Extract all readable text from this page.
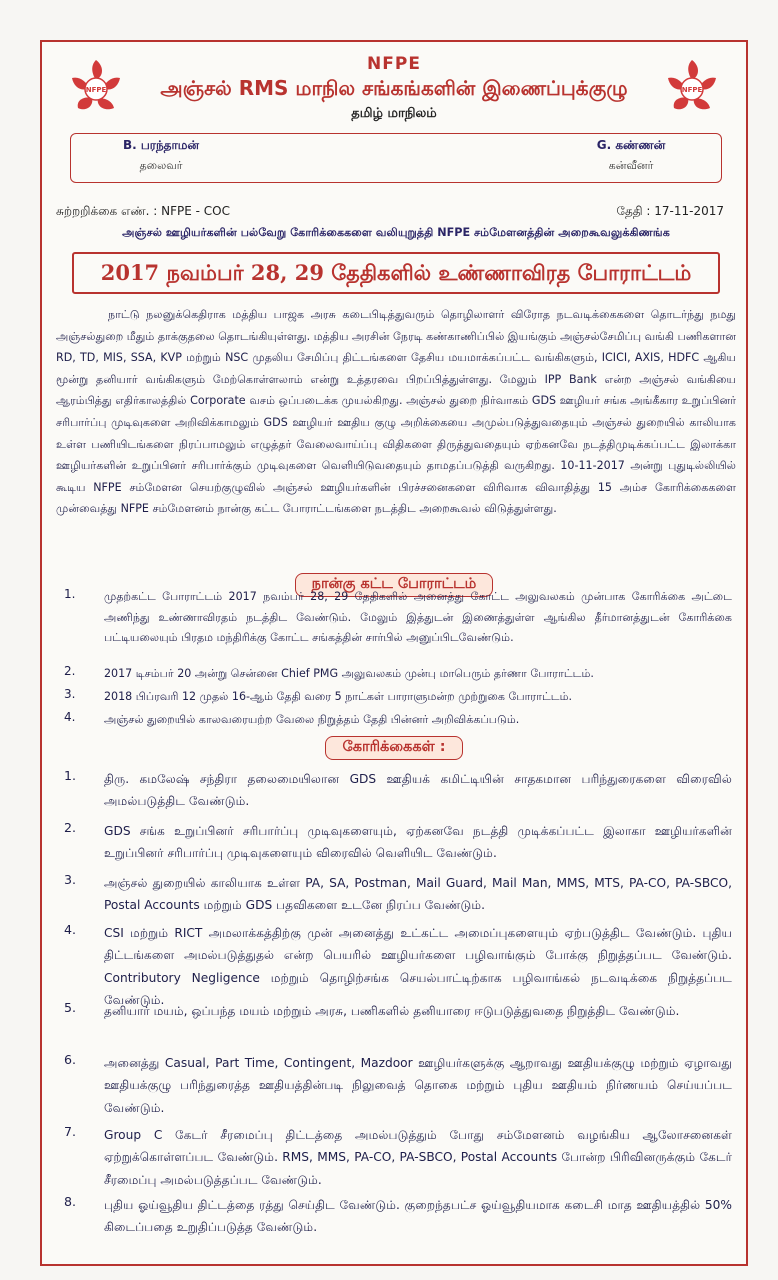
NFPE	NFPE
NFPE
அஞ்சல் RMS மாநில சங்கங்களின் இணைப்புக்குழு
தமிழ் மாநிலம்
B. பரந்தாமன்
தலைவர்
G. கண்ணன்
கன்வீனர்
சுற்றறிக்கை எண். : NFPE - COC	தேதி : 17-11-2017
அஞ்சல் ஊழியர்களின் பல்வேறு கோரிக்கைகளை வலியுறுத்தி NFPE சம்மேளனத்தின் அறைகூவலுக்கிணங்க
2017 நவம்பர் 28, 29 தேதிகளில் உண்ணாவிரத போராட்டம்

நாட்டு நலனுக்கெதிராக மத்திய பாஜக அரசு கடைபிடித்துவரும் தொழிலாளர் விரோத நடவடிக்கைகளை தொடர்ந்து நமது அஞ்சல்துறை மீதும் தாக்குதலை தொடங்கியுள்ளது. மத்திய அரசின் நேரடி கண்காணிப்பில் இயங்கும் அஞ்சல்சேமிப்பு வங்கி பணிகளான RD, TD, MIS, SSA, KVP மற்றும் NSC முதலிய சேமிப்பு திட்டங்களை தேசிய மயமாக்கப்பட்ட வங்கிகளும், ICICI, AXIS, HDFC ஆகிய மூன்று தனியார் வங்கிகளும் மேற்கொள்ளலாம் என்று உத்தரவை பிறப்பித்துள்ளது. மேலும் IPP Bank என்ற அஞ்சல் வங்கியை ஆரம்பித்து எதிர்காலத்தில் Corporate வசம் ஒப்படைக்க முயல்கிறது. அஞ்சல் துறை நிர்வாகம் GDS ஊழியர் சங்க அங்கீகார உறுப்பினர் சரிபார்ப்பு முடிவுகளை அறிவிக்காமலும் GDS ஊழியர் ஊதிய குழு அறிக்கையை அமுல்படுத்துவதையும் அஞ்சல் துறையில் காலியாக உள்ள பணியிடங்களை நிரப்பாமலும் எழுத்தர் வேலைவாய்ப்பு விதிகளை திருத்துவதையும் ஏற்கனவே நடத்திமுடிக்கப்பட்ட இலாக்கா ஊழியர்களின் உறுப்பினர் சரிபார்க்கும் முடிவுகளை வெளியிடுவதையும் தாமதப்படுத்தி வருகிறது. 10-11-2017 அன்று புதுடில்லியில் கூடிய NFPE சம்மேளன செயற்குழுவில் அஞ்சல் ஊழியர்களின் பிரச்சனைகளை விரிவாக விவாதித்து 15 அம்ச கோரிக்கைகளை முன்வைத்து NFPE சம்மேளனம் நான்கு கட்ட போராட்டங்களை நடத்திட அறைகூவல் விடுத்துள்ளது.

நான்கு கட்ட போராட்டம்
1.	முதற்கட்ட போராட்டம் 2017 நவம்பர் 28, 29 தேதிகளில் அனைத்து கோட்ட அலுவலகம் முன்பாக கோரிக்கை அட்டை அணிந்து உண்ணாவிரதம் நடத்திட வேண்டும். மேலும் இத்துடன் இணைத்துள்ள ஆங்கில தீர்மானத்துடன் கோரிக்கை பட்டியலையும் பிரதம மந்திரிக்கு கோட்ட சங்கத்தின் சார்பில் அனுப்பிடவேண்டும்.

2.	2017 டிசம்பர் 20 அன்று சென்னை Chief PMG அலுவலகம் முன்பு மாபெரும் தர்ணா போராட்டம்.

3.	2018 பிப்ரவரி 12 முதல் 16-ஆம் தேதி வரை 5 நாட்கள் பாராளுமன்ற முற்றுகை போராட்டம்.

4.	அஞ்சல் துறையில் காலவரையற்ற வேலை நிறுத்தம் தேதி பின்னர் அறிவிக்கப்படும்.

கோரிக்கைகள் :
1. திரு. கமலேஷ் சந்திரா தலைமையிலான GDS ஊதியக் கமிட்டியின் சாதகமான பரிந்துரைகளை விரைவில் அமல்படுத்திட வேண்டும்.

2. GDS சங்க உறுப்பினர் சரிபார்ப்பு முடிவுகளையும், ஏற்கனவே நடத்தி முடிக்கப்பட்ட இலாகா ஊழியர்களின் உறுப்பினர் சரிபார்ப்பு முடிவுகளையும் விரைவில் வெளியிட வேண்டும்.

3. அஞ்சல் துறையில் காலியாக உள்ள PA, SA, Postman, Mail Guard, Mail Man, MMS, MTS, PA-CO, PA-SBCO, Postal Accounts மற்றும் GDS பதவிகளை உடனே நிரப்ப வேண்டும்.

4. CSI மற்றும் RICT அமலாக்கத்திற்கு முன் அனைத்து உட்கட்ட அமைப்புகளையும் ஏற்படுத்திட வேண்டும். புதிய திட்டங்களை அமல்படுத்துதல் என்ற பெயரில் ஊழியர்களை பழிவாங்கும் போக்கு நிறுத்தப்பட வேண்டும். Contributory Negligence மற்றும் தொழிற்சங்க செயல்பாட்டிற்காக பழிவாங்கல் நடவடிக்கை நிறுத்தப்பட வேண்டும்.

5. தனியார் மயம், ஒப்பந்த மயம் மற்றும் அரசு, பணிகளில் தனியாரை ஈடுபடுத்துவதை நிறுத்திட வேண்டும்.

6. அனைத்து Casual, Part Time, Contingent, Mazdoor ஊழியர்களுக்கு ஆறாவது ஊதியக்குழு மற்றும் ஏழாவது ஊதியக்குழு பரிந்துரைத்த ஊதியத்தின்படி நிலுவைத் தொகை மற்றும் புதிய ஊதியம் நிர்ணயம் செய்யப்பட வேண்டும்.

7. Group C கேடர் சீரமைப்பு திட்டத்தை அமல்படுத்தும் போது சம்மேளனம் வழங்கிய ஆலோசனைகள் ஏற்றுக்கொள்ளப்பட வேண்டும். RMS, MMS, PA-CO, PA-SBCO, Postal Accounts போன்ற பிரிவினருக்கும் கேடர் சீரமைப்பு அமல்படுத்தப்பட வேண்டும்.

8. புதிய ஓய்வூதிய திட்டத்தை ரத்து செய்திட வேண்டும். குறைந்தபட்ச ஓய்வூதியமாக கடைசி மாத ஊதியத்தில் 50% கிடைப்பதை உறுதிப்படுத்த வேண்டும்.
